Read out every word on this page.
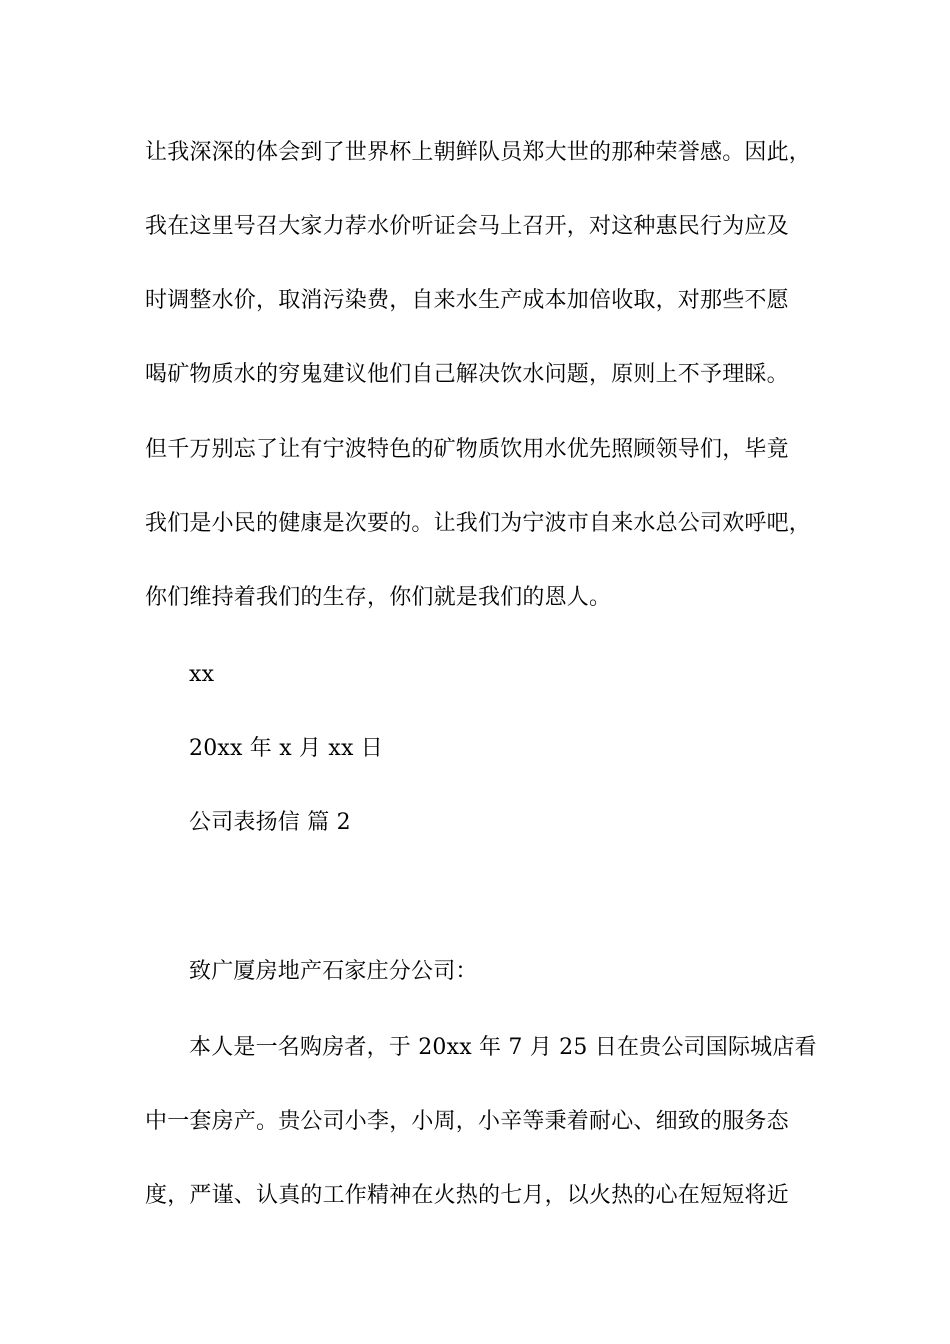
让我深深的体会到了世界杯上朝鲜队员郑大世的那种荣誉感。因此，
我在这里号召大家力荐水价听证会马上召开，对这种惠民行为应及
时调整水价，取消污染费，自来水生产成本加倍收取，对那些不愿
喝矿物质水的穷鬼建议他们自己解决饮水问题，原则上不予理睬。
但千万别忘了让有宁波特色的矿物质饮用水优先照顾领导们，毕竟
我们是小民的健康是次要的。让我们为宁波市自来水总公司欢呼吧，
你们维持着我们的生存，你们就是我们的恩人。
xx
20xx 年 x 月 xx 日
公司表扬信 篇 2
致广厦房地产石家庄分公司：
本人是一名购房者，于 20xx 年 7 月 25 日在贵公司国际城店看
中一套房产。贵公司小李，小周，小辛等秉着耐心、细致的服务态
度，严谨、认真的工作精神在火热的七月，以火热的心在短短将近
